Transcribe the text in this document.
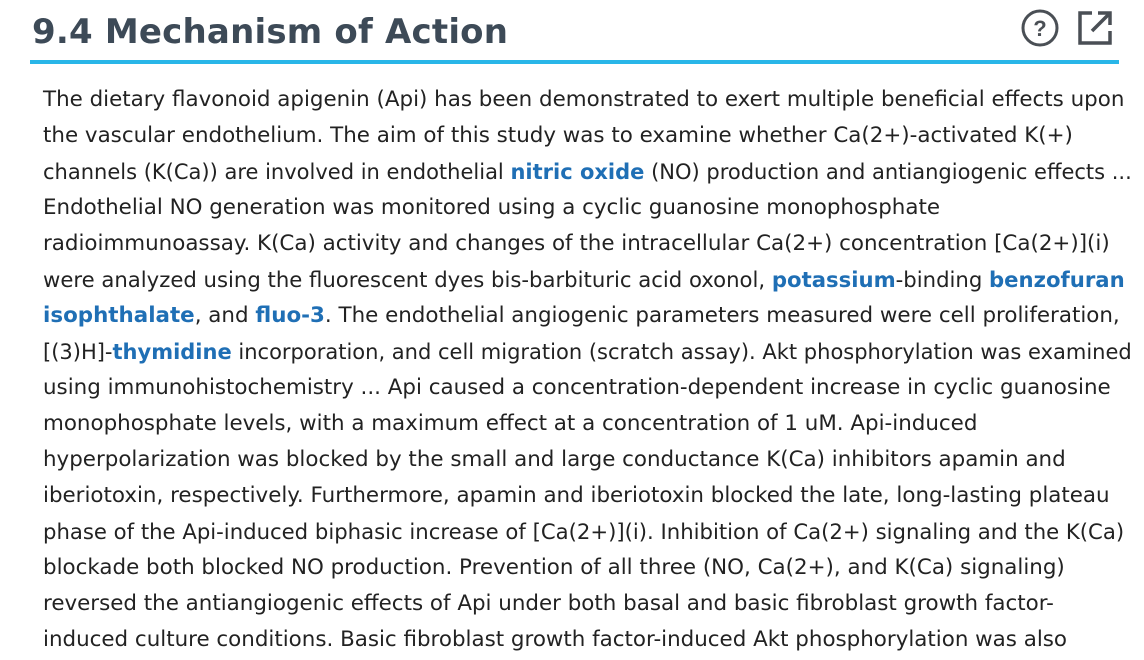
9.4 Mechanism of Action	?
The dietary flavonoid apigenin (Api) has been demonstrated to exert multiple beneficial effects upon
the vascular endothelium. The aim of this study was to examine whether Ca(2+)-activated K(+)
channels (K(Ca)) are involved in endothelial nitric oxide (NO) production and antiangiogenic effects ...
Endothelial NO generation was monitored using a cyclic guanosine monophosphate
radioimmunoassay. K(Ca) activity and changes of the intracellular Ca(2+) concentration [Ca(2+)](i)
were analyzed using the fluorescent dyes bis-barbituric acid oxonol, potassium-binding benzofuran
isophthalate, and fluo-3. The endothelial angiogenic parameters measured were cell proliferation,
[(3)H]-thymidine incorporation, and cell migration (scratch assay). Akt phosphorylation was examined
using immunohistochemistry ... Api caused a concentration-dependent increase in cyclic guanosine
monophosphate levels, with a maximum effect at a concentration of 1 uM. Api-induced
hyperpolarization was blocked by the small and large conductance K(Ca) inhibitors apamin and
iberiotoxin, respectively. Furthermore, apamin and iberiotoxin blocked the late, long-lasting plateau
phase of the Api-induced biphasic increase of [Ca(2+)](i). Inhibition of Ca(2+) signaling and the K(Ca)
blockade both blocked NO production. Prevention of all three (NO, Ca(2+), and K(Ca) signaling)
reversed the antiangiogenic effects of Api under both basal and basic fibroblast growth factor-
induced culture conditions. Basic fibroblast growth factor-induced Akt phosphorylation was also
